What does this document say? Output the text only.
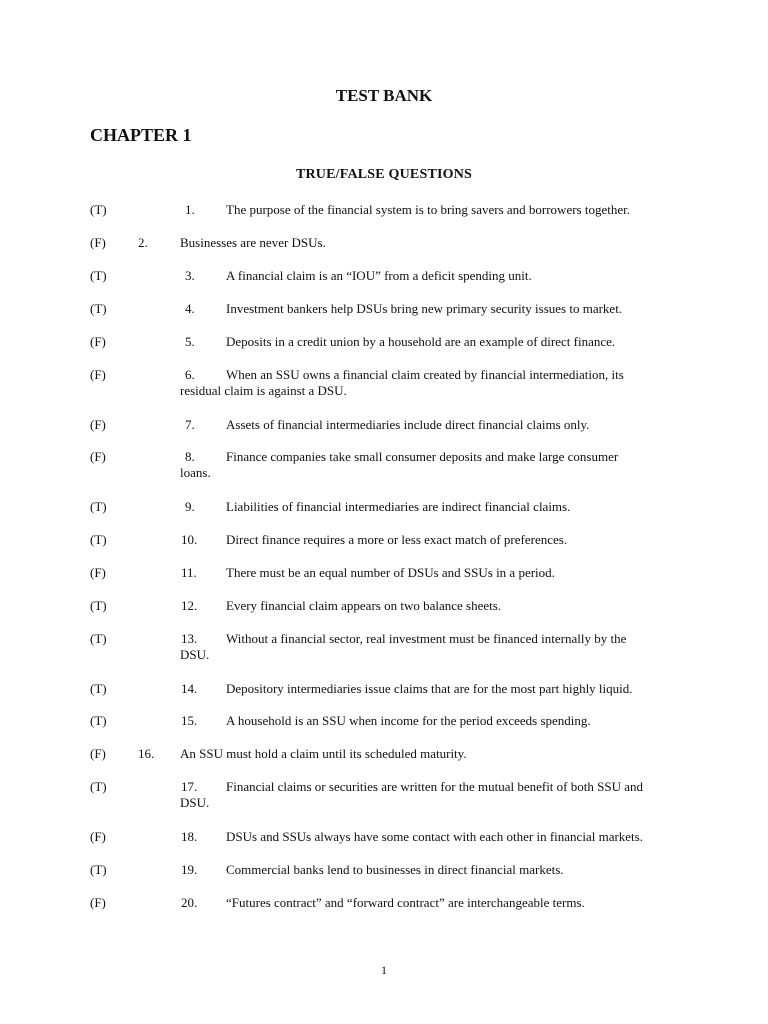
TEST BANK
CHAPTER 1
TRUE/FALSE QUESTIONS
(T)	1. The purpose of the financial system is to bring savers and borrowers together.
(F) 2. Businesses are never DSUs.
(T)	3. A financial claim is an “IOU” from a deficit spending unit.
(T)	4. Investment bankers help DSUs bring new primary security issues to market.
(F)	5. Deposits in a credit union by a household are an example of direct finance.
(F)	6. When an SSU owns a financial claim created by financial intermediation, its
residual claim is against a DSU.
(F)	7. Assets of financial intermediaries include direct financial claims only.
(F)	8. Finance companies take small consumer deposits and make large consumer
loans.
(T)	9. Liabilities of financial intermediaries are indirect financial claims.
(T)	10. Direct finance requires a more or less exact match of preferences.
(F)	11. There must be an equal number of DSUs and SSUs in a period.
(T)	12. Every financial claim appears on two balance sheets.
(T)	13. Without a financial sector, real investment must be financed internally by the
DSU.
(T)	14. Depository intermediaries issue claims that are for the most part highly liquid.
(T)	15. A household is an SSU when income for the period exceeds spending.
(F) 16. An SSU must hold a claim until its scheduled maturity.
(T)	17. Financial claims or securities are written for the mutual benefit of both SSU and
DSU.
(F)	18. DSUs and SSUs always have some contact with each other in financial markets.
(T)	19. Commercial banks lend to businesses in direct financial markets.
(F)	20. “Futures contract” and “forward contract” are interchangeable terms.
1
